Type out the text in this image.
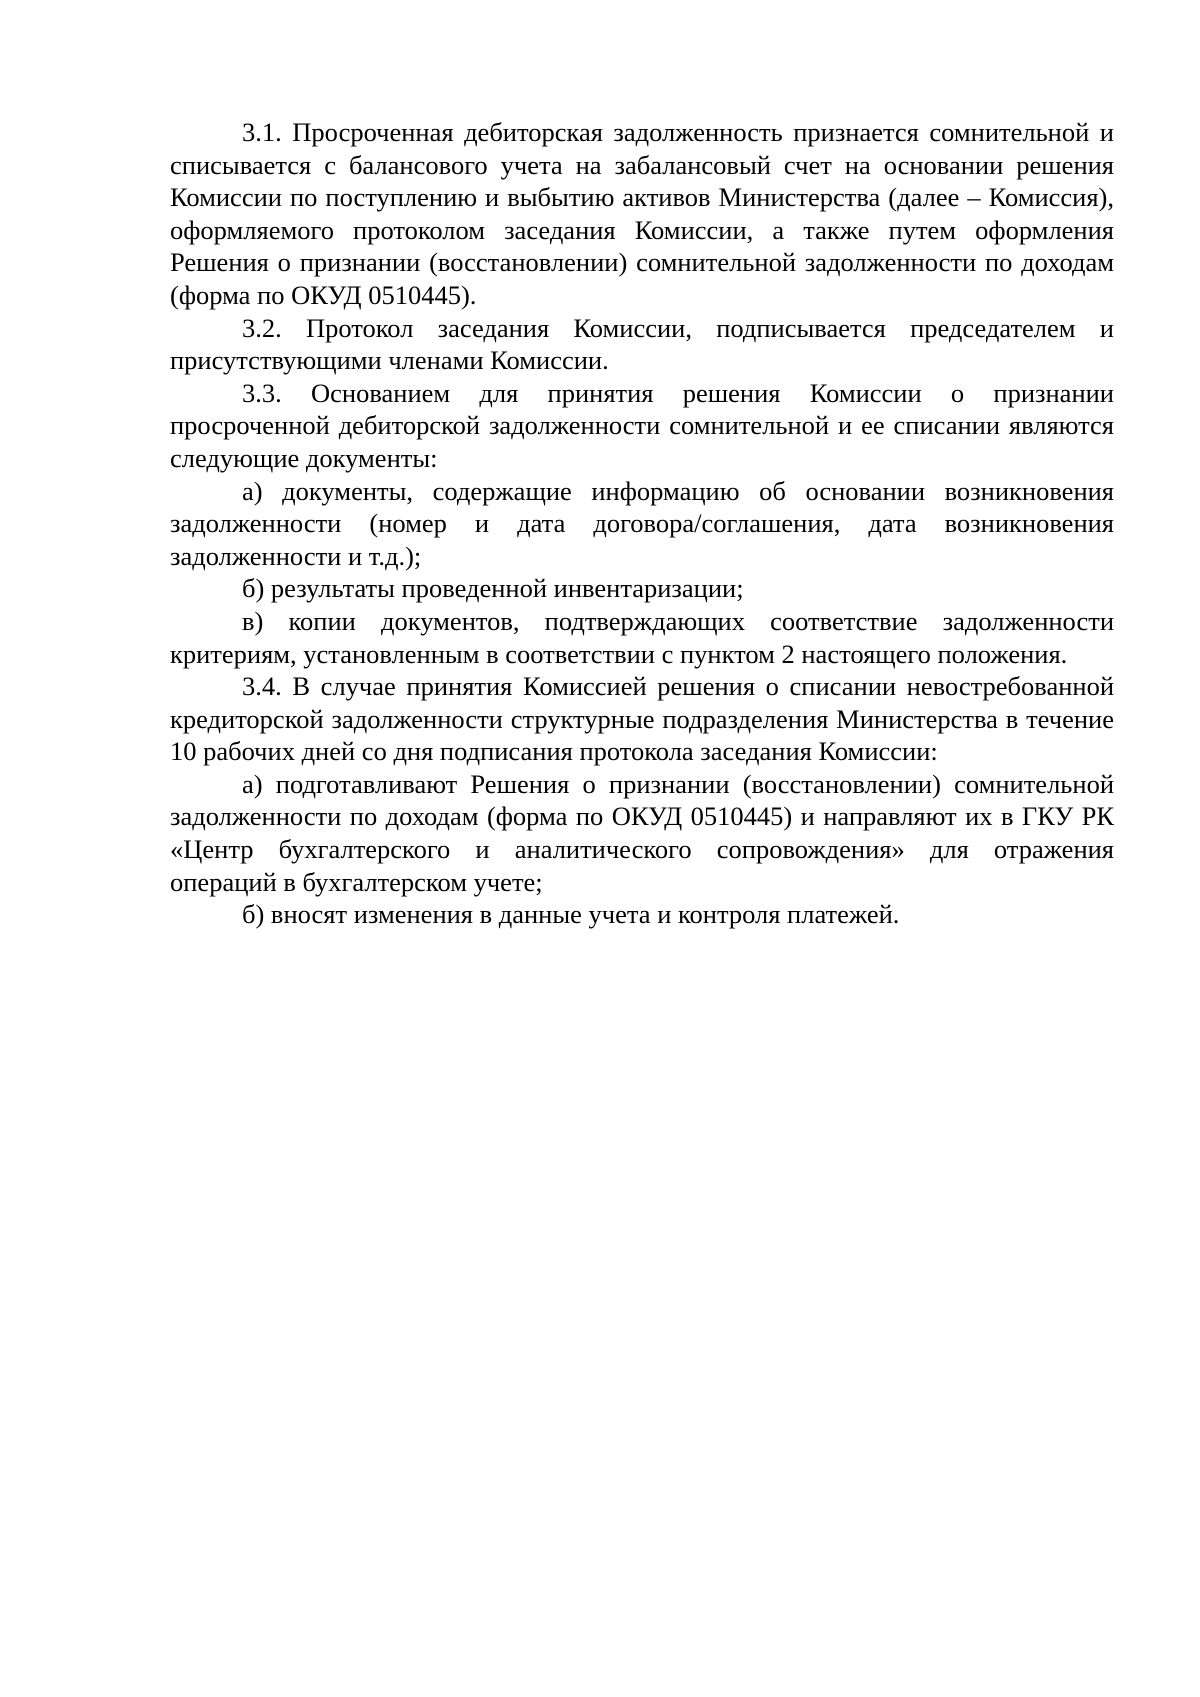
3.1. Просроченная дебиторская задолженность признается сомнительной и списывается с балансового учета на забалансовый счет на основании решения Комиссии по поступлению и выбытию активов Министерства (далее – Комиссия), оформляемого протоколом заседания Комиссии, а также путем оформления Решения о признании (восстановлении) сомнительной задолженности по доходам (форма по ОКУД 0510445).

3.2. Протокол заседания Комиссии, подписывается председателем и присутствующими членами Комиссии.

3.3. Основанием для принятия решения Комиссии о признании просроченной дебиторской задолженности сомнительной и ее списании являются следующие документы:

а) документы, содержащие информацию об основании возникновения задолженности (номер и дата договора/соглашения, дата возникновения задолженности и т.д.);

б) результаты проведенной инвентаризации;

в) копии документов, подтверждающих соответствие задолженности критериям, установленным в соответствии с пунктом 2 настоящего положения.

3.4. В случае принятия Комиссией решения о списании невостребованной кредиторской задолженности структурные подразделения Министерства в течение 10 рабочих дней со дня подписания протокола заседания Комиссии:

а) подготавливают Решения о признании (восстановлении) сомнительной задолженности по доходам (форма по ОКУД 0510445) и направляют их в ГКУ РК «Центр бухгалтерского и аналитического сопровождения» для отражения операций в бухгалтерском учете;

б) вносят изменения в данные учета и контроля платежей.
